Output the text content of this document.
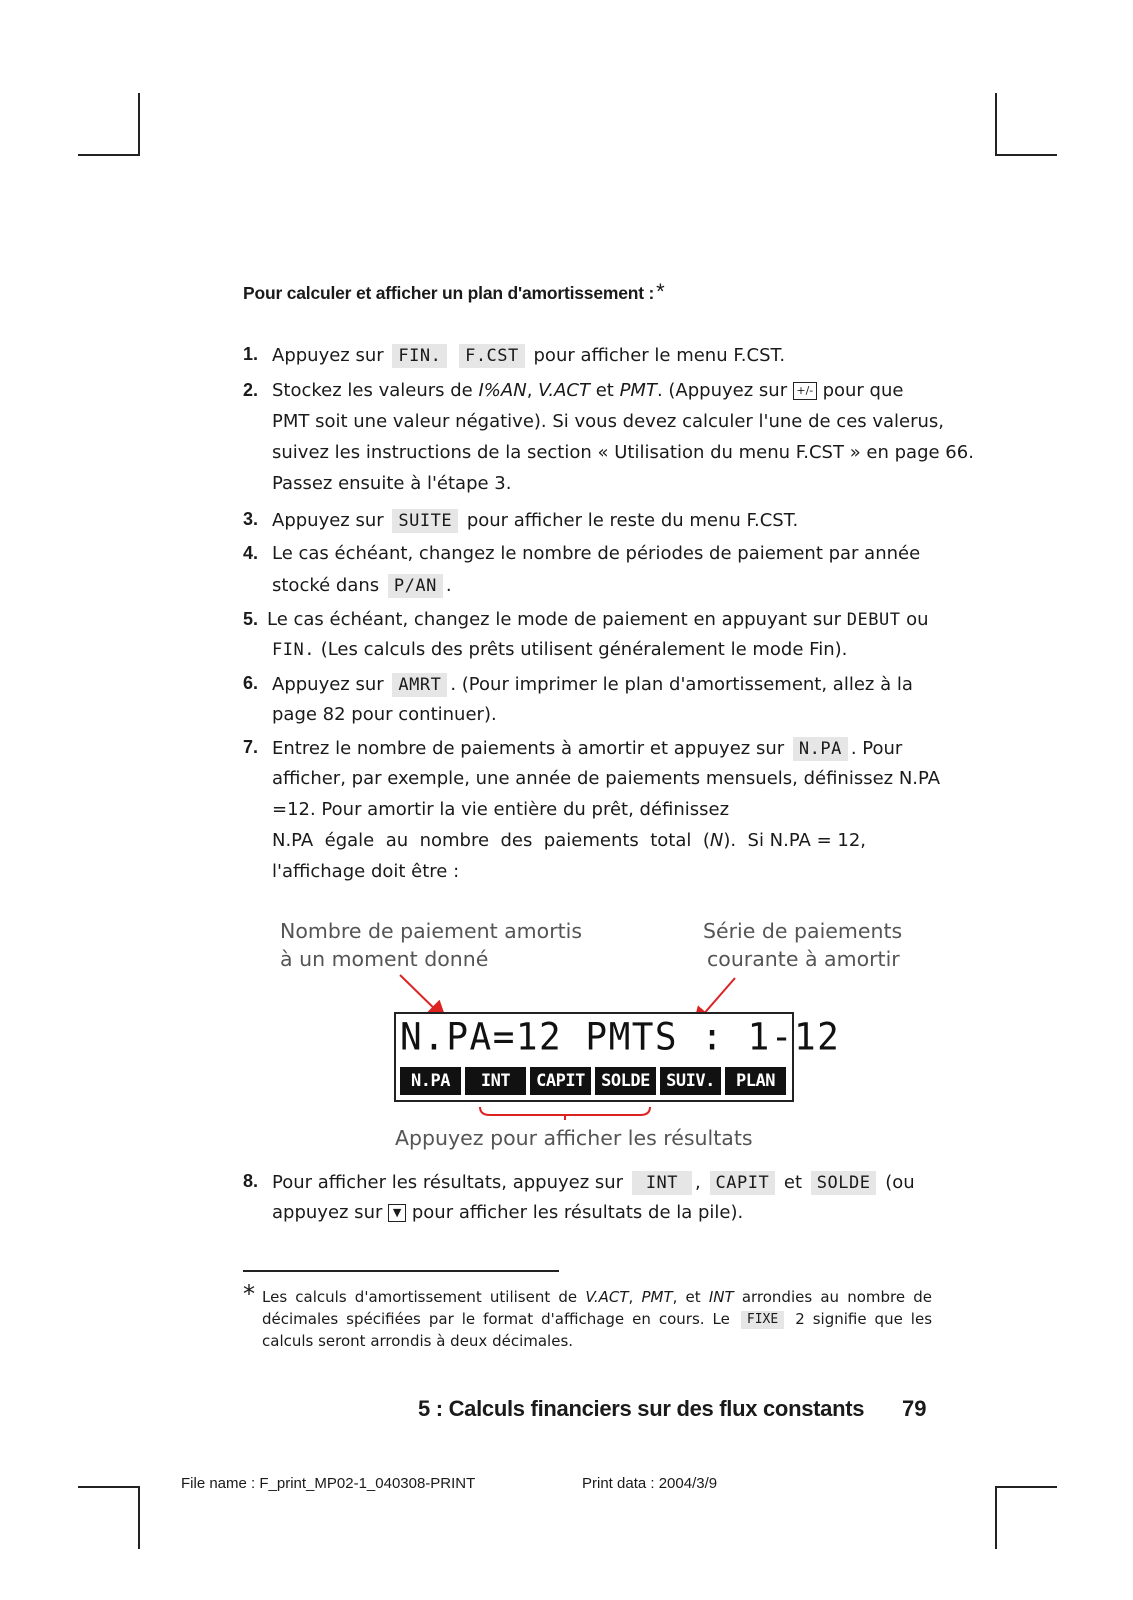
Pour calculer et afficher un plan d'amortissement :*
1. Appuyez sur FIN. F.CST pour afficher le menu F.CST.
2. Stockez les valeurs de I%AN, V.ACT et PMT. (Appuyez sur +/- pour que
PMT soit une valeur négative). Si vous devez calculer l'une de ces valerus,
suivez les instructions de la section « Utilisation du menu F.CST » en page 66.
Passez ensuite à l'étape 3.
3. Appuyez sur SUITE pour afficher le reste du menu F.CST.
4. Le cas échéant, changez le nombre de périodes de paiement par année
stocké dans P/AN .
5. Le cas échéant, changez le mode de paiement en appuyant sur DEBUT ou
FIN. (Les calculs des prêts utilisent généralement le mode Fin).
6. Appuyez sur AMRT . (Pour imprimer le plan d'amortissement, allez à la
page 82 pour continuer).
7. Entrez le nombre de paiements à amortir et appuyez sur N.PA . Pour
afficher, par exemple, une année de paiements mensuels, définissez N.PA
=12. Pour amortir la vie entière du prêt, définissez
N.PA  égale  au  nombre  des  paiements  total  (N).  Si N.PA = 12,
l'affichage doit être :
Nombre de paiement amortis
à un moment donné
Série de paiements
courante à amortir
N.PA=12 PMTS : 1-12
N.PA	INT	CAPIT SOLDE SUIV.	PLAN
Appuyez pour afficher les résultats
8. Pour afficher les résultats, appuyez sur INT , CAPIT et SOLDE (ou
appuyez sur ▼ pour afficher les résultats de la pile).
* Les calculs d'amortissement utilisent de V.ACT, PMT, et INT arrondies au nombre de décimales spécifiées par le format d'affichage en cours. Le FIXE 2 signifie que les calculs seront arrondis à deux décimales.
5 : Calculs financiers sur des flux constants 79
File name : F_print_MP02-1_040308-PRINT	Print data : 2004/3/9
